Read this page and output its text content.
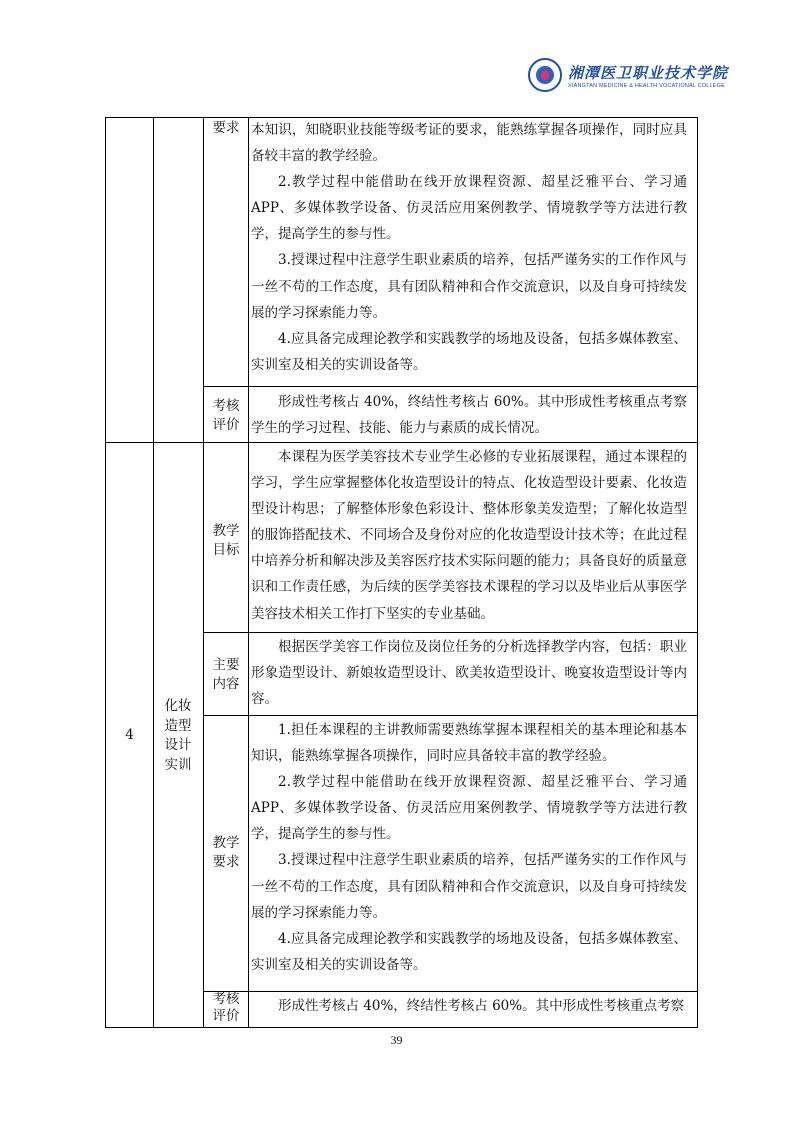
湘潭医卫职业技术学院
XIANGTAN MEDICINE & HEALTH VOCATIONAL COLLEGE
要求 本知识，知晓职业技能等级考证的要求，能熟练掌握各项操作，同时应具备较丰富的教学经验。

2.教学过程中能借助在线开放课程资源、超星泛雅平台、学习通 APP、多媒体教学设备、仿灵活应用案例教学、情境教学等方法进行教学，提高学生的参与性。

3.授课过程中注意学生职业素质的培养，包括严谨务实的工作作风与一丝不苟的工作态度，具有团队精神和合作交流意识，以及自身可持续发展的学习探索能力等。

4.应具备完成理论教学和实践教学的场地及设备，包括多媒体教室、实训室及相关的实训设备等。

考核评价
形成性考核占 40%，终结性考核占 60%。其中形成性考核重点考察学生的学习过程、技能、能力与素质的成长情况。
4
化妆造型设计实训
教学目标
本课程为医学美容技术专业学生必修的专业拓展课程，通过本课程的学习，学生应掌握整体化妆造型设计的特点、化妆造型设计要素、化妆造型设计构思；了解整体形象色彩设计、整体形象美发造型；了解化妆造型的服饰搭配技术、不同场合及身份对应的化妆造型设计技术等；在此过程中培养分析和解决涉及美容医疗技术实际问题的能力；具备良好的质量意识和工作责任感，为后续的医学美容技术课程的学习以及毕业后从事医学美容技术相关工作打下坚实的专业基础。
主要内容
根据医学美容工作岗位及岗位任务的分析选择教学内容，包括：职业形象造型设计、新娘妆造型设计、欧美妆造型设计、晚宴妆造型设计等内容。
教学要求

1.担任本课程的主讲教师需要熟练掌握本课程相关的基本理论和基本知识，能熟练掌握各项操作，同时应具备较丰富的教学经验。

2.教学过程中能借助在线开放课程资源、超星泛雅平台、学习通 APP、多媒体教学设备、仿灵活应用案例教学、情境教学等方法进行教学，提高学生的参与性。

3.授课过程中注意学生职业素质的培养，包括严谨务实的工作作风与一丝不苟的工作态度，具有团队精神和合作交流意识，以及自身可持续发展的学习探索能力等。

4.应具备完成理论教学和实践教学的场地及设备，包括多媒体教室、实训室及相关的实训设备等。

考核评价
形成性考核占 40%，终结性考核占 60%。其中形成性考核重点考察
39
